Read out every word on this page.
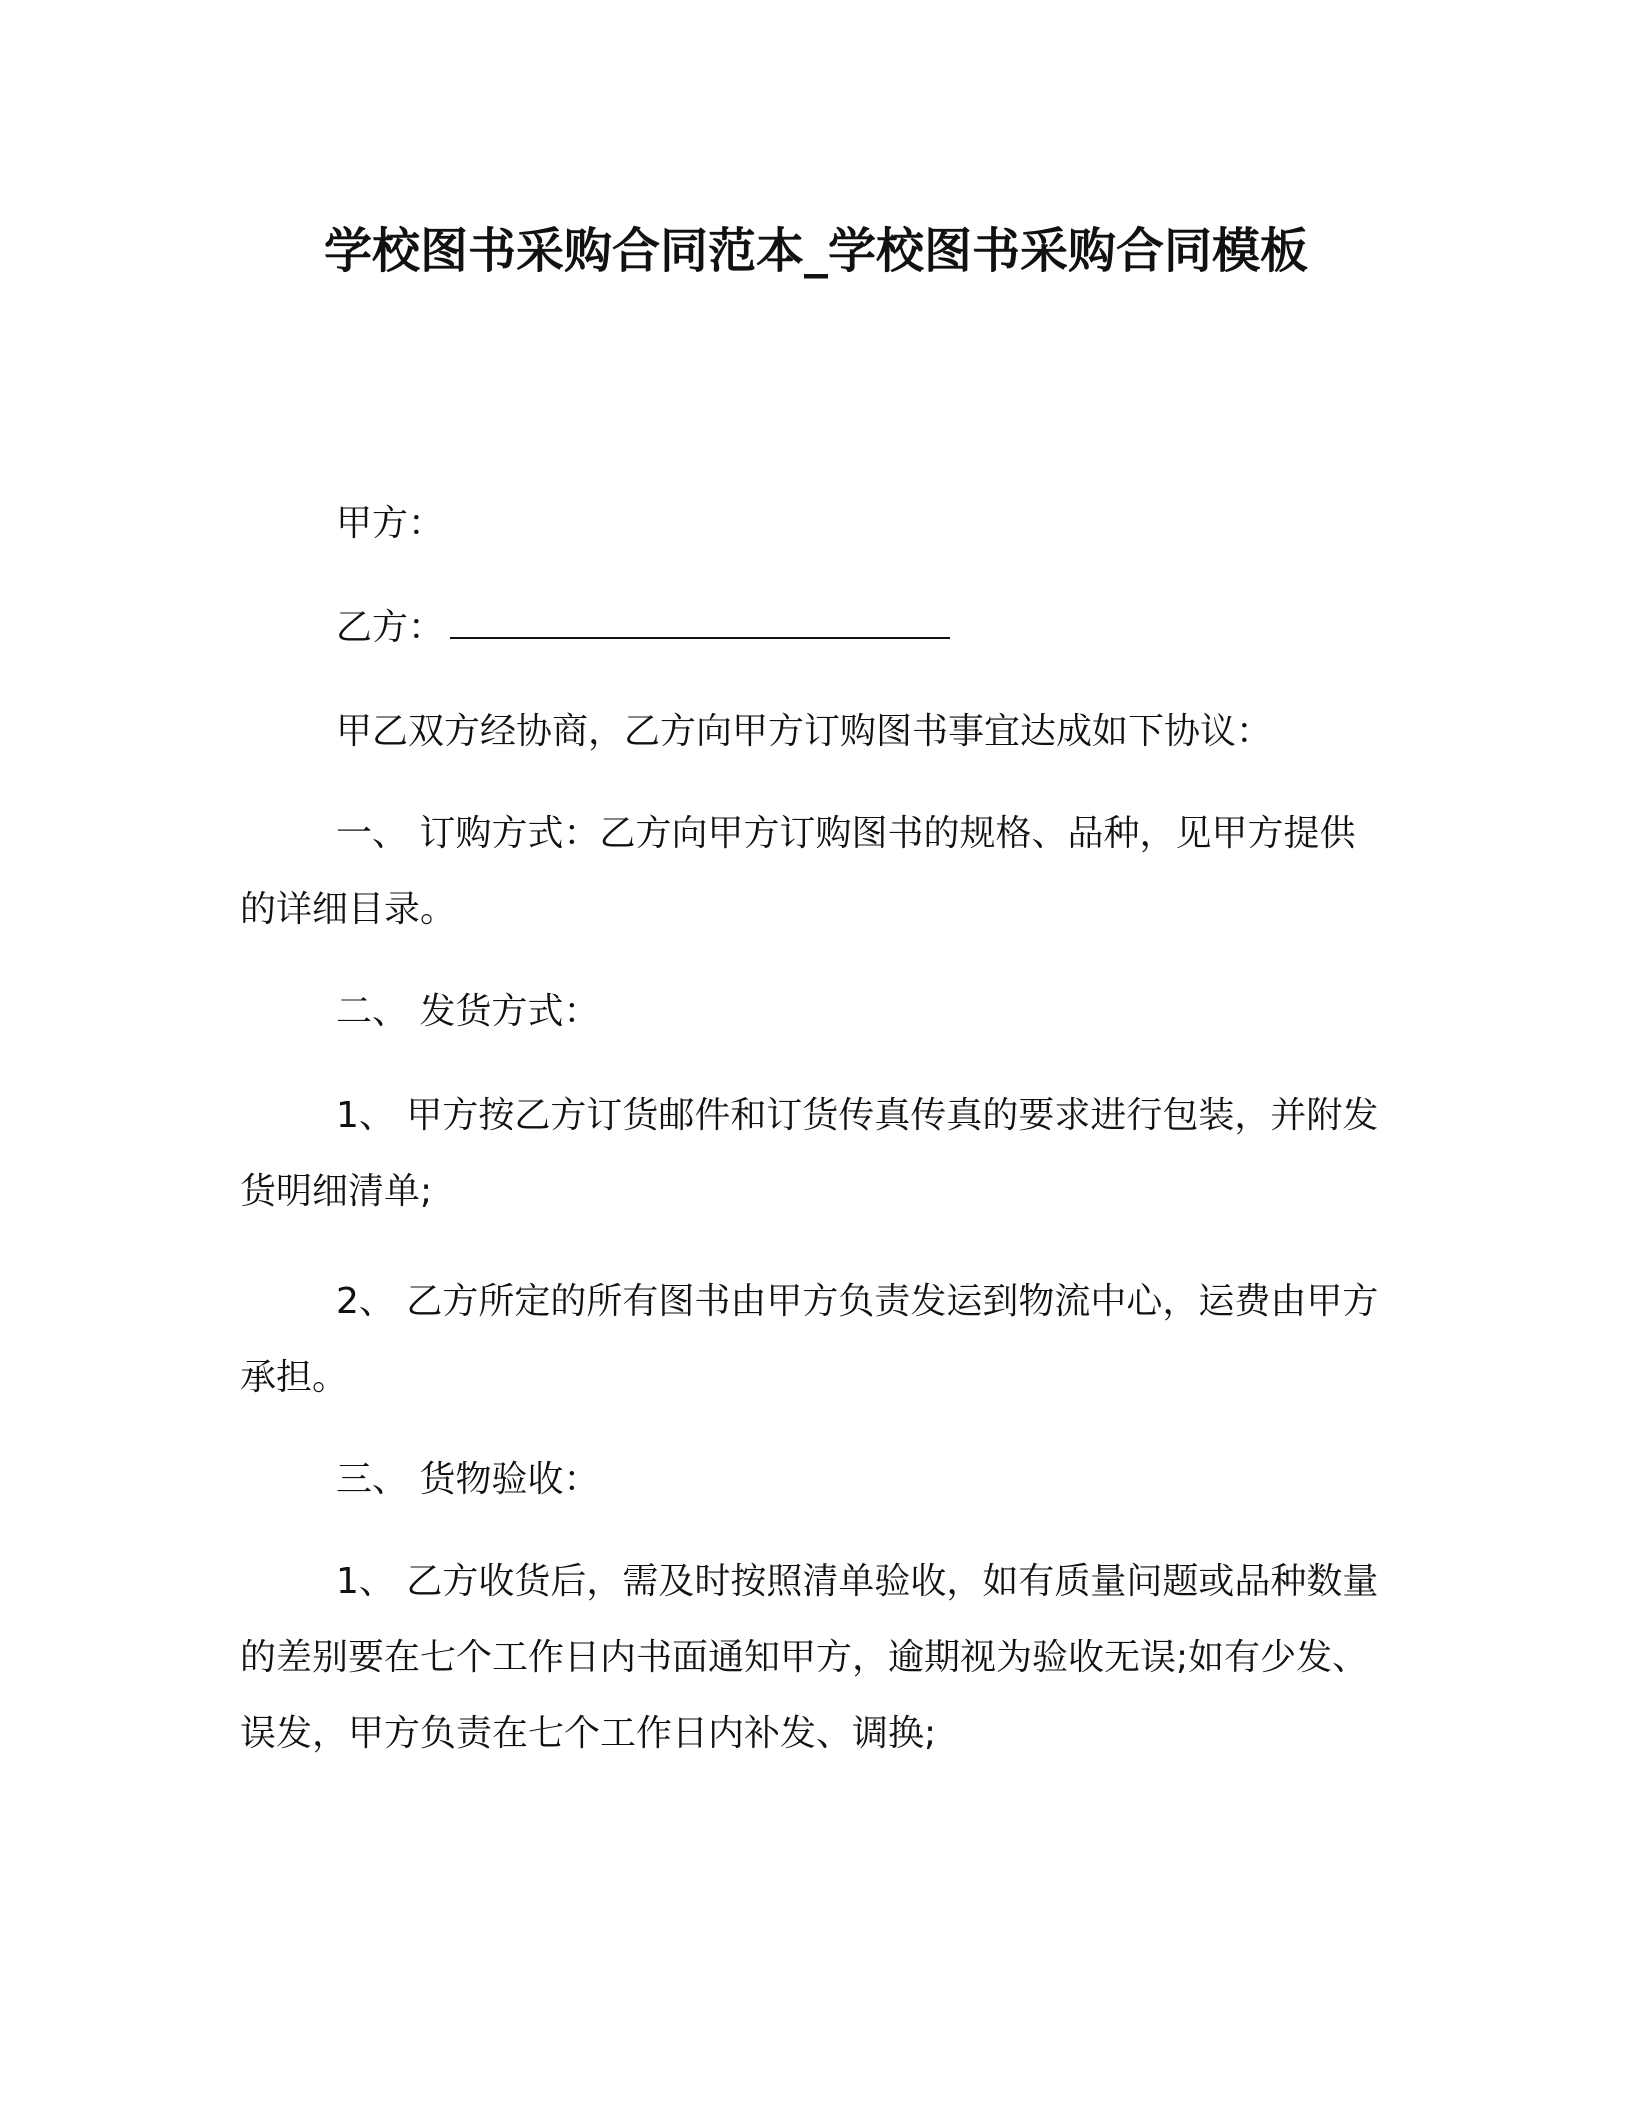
学校图书采购合同范本_学校图书采购合同模板
甲方：
乙方：
甲乙双方经协商，乙方向甲方订购图书事宜达成如下协议：
一、 订购方式：乙方向甲方订购图书的规格、品种，见甲方提供的详细目录。
二、 发货方式：
1、 甲方按乙方订货邮件和订货传真传真的要求进行包装，并附发货明细清单;
2、 乙方所定的所有图书由甲方负责发运到物流中心，运费由甲方承担。
三、 货物验收：
1、 乙方收货后，需及时按照清单验收，如有质量问题或品种数量的差别要在七个工作日内书面通知甲方，逾期视为验收无误;如有少发、误发，甲方负责在七个工作日内补发、调换;
